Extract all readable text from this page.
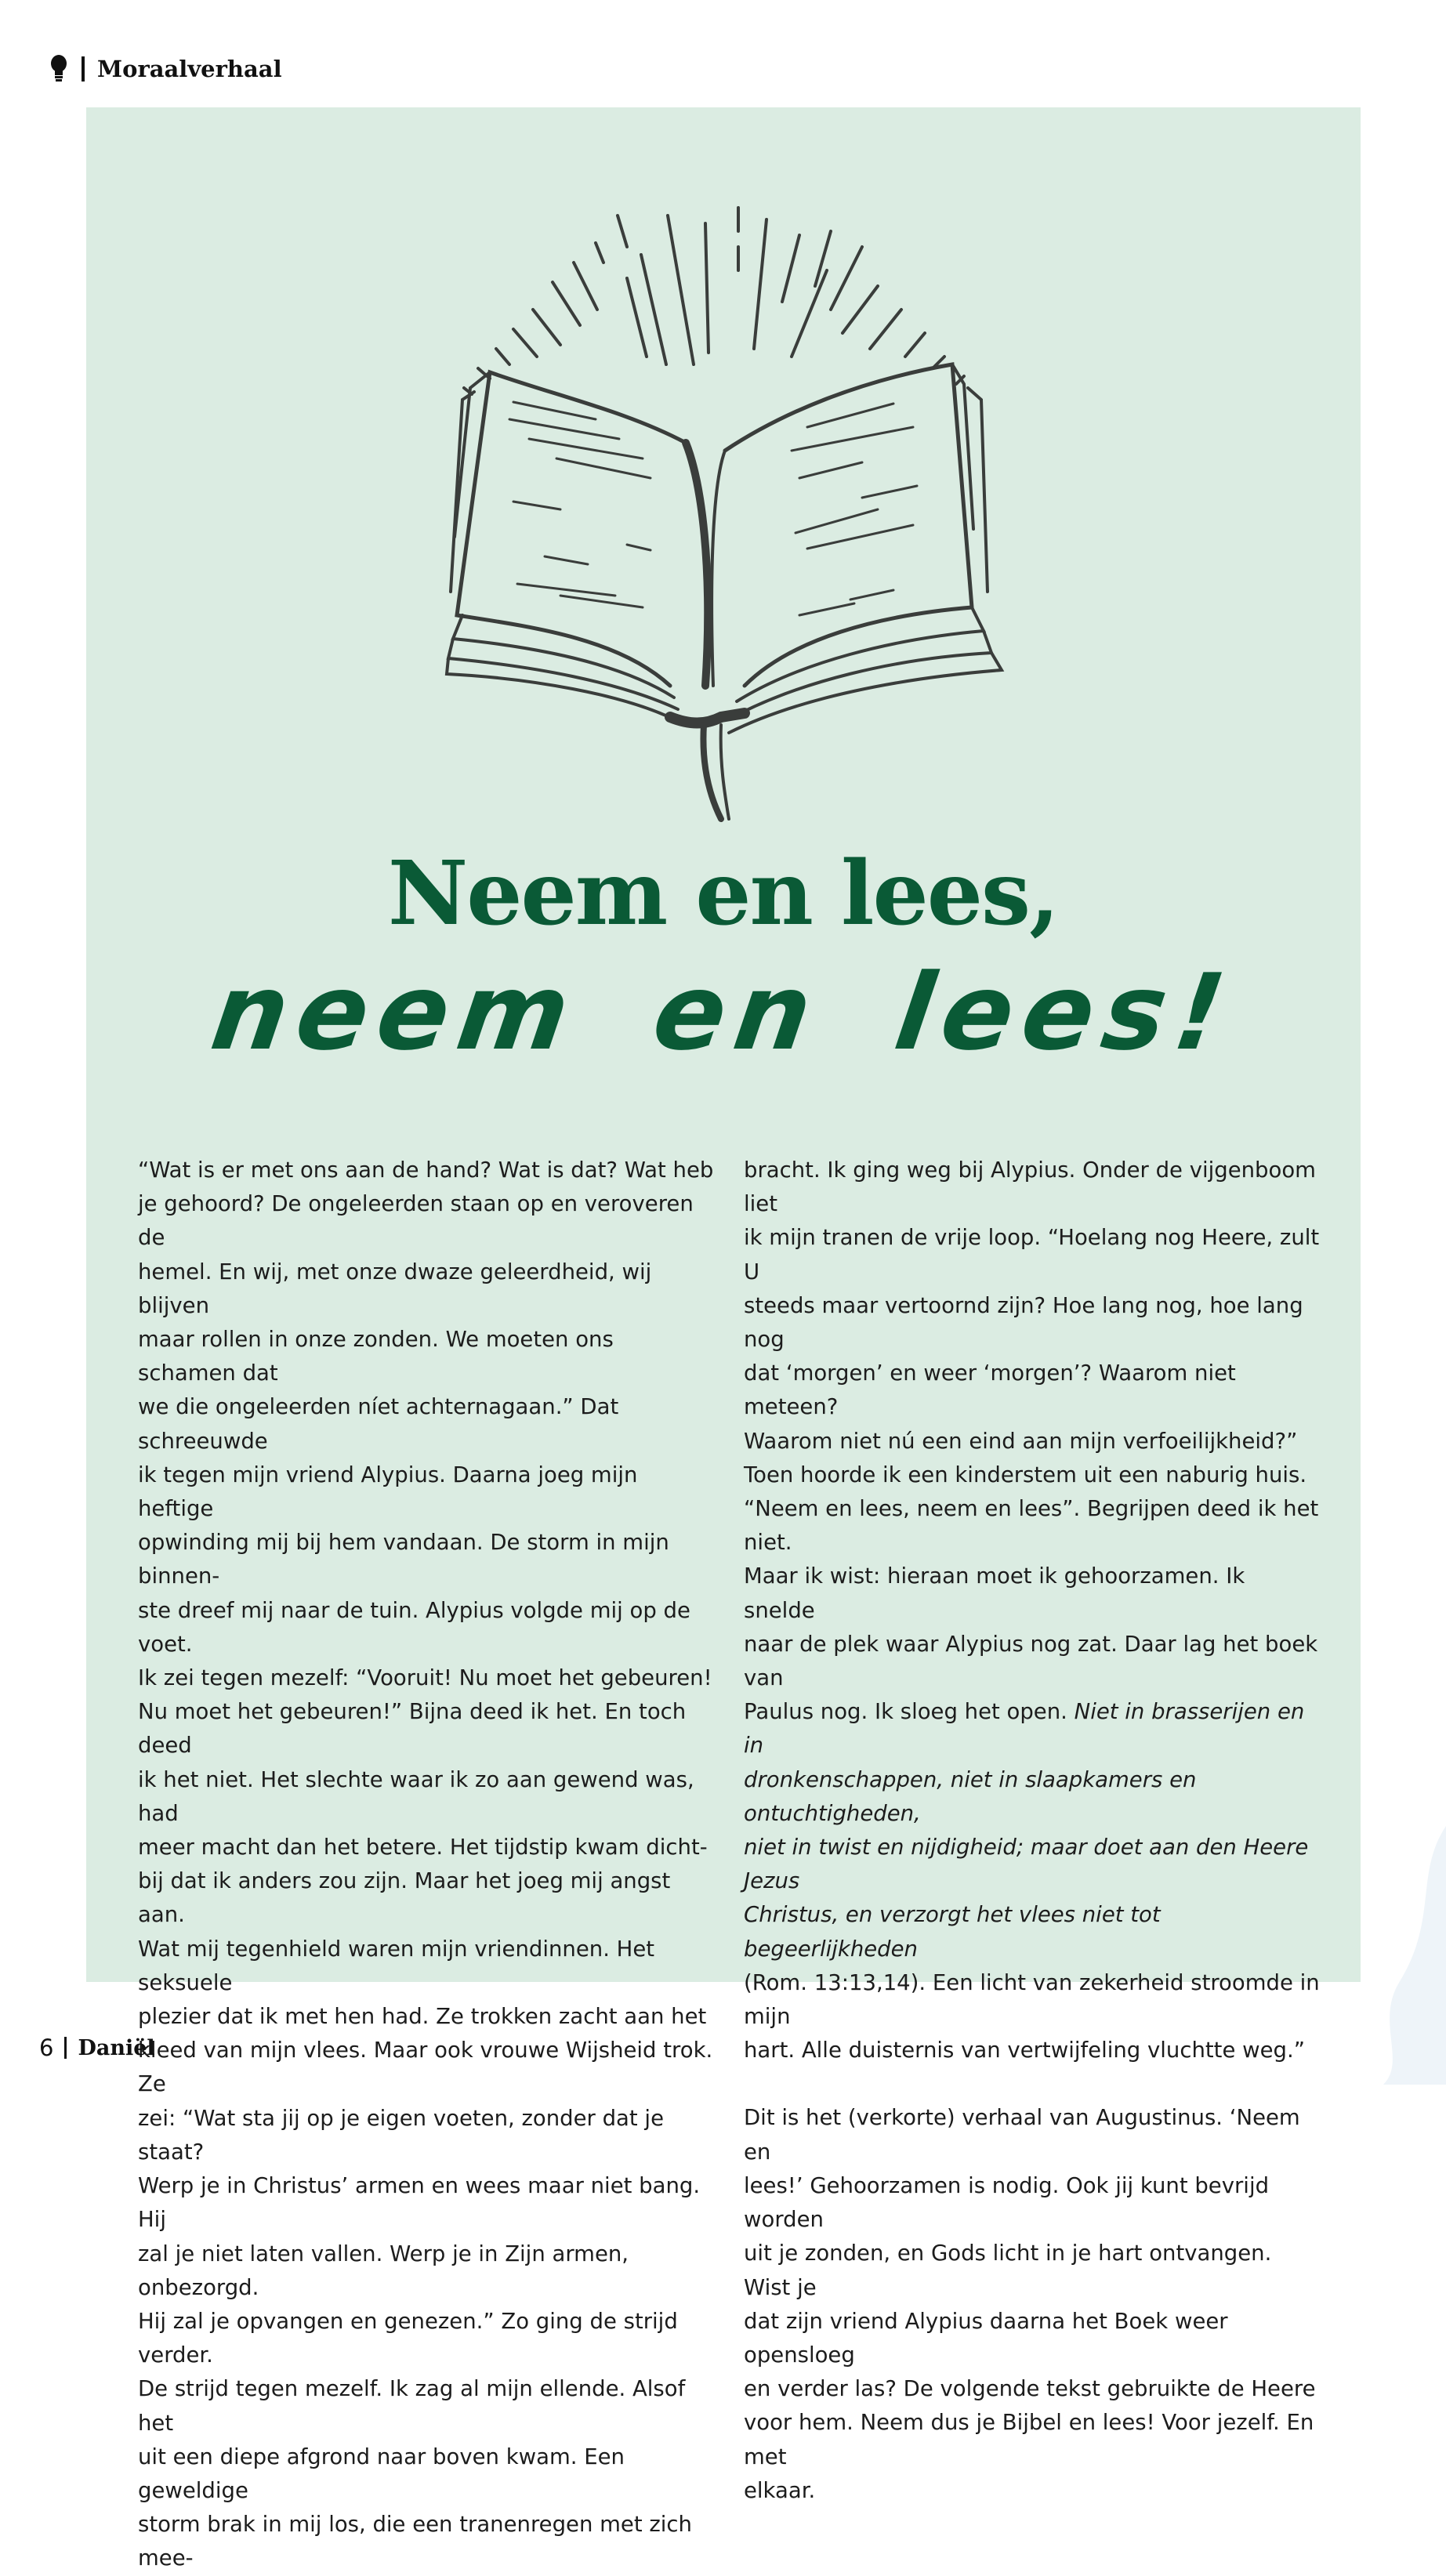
Moraalverhaal
Neem en lees,
neem en lees!

“Wat is er met ons aan de hand? Wat is dat? Wat heb

je gehoord? De ongeleerden staan op en veroveren de

hemel. En wij, met onze dwaze geleerdheid, wij blijven

maar rollen in onze zonden. We moeten ons schamen dat

we die ongeleerden níet achternagaan.” Dat schreeuwde

ik tegen mijn vriend Alypius. Daarna joeg mijn heftige

opwinding mij bij hem vandaan. De storm in mijn binnen-

ste dreef mij naar de tuin. Alypius volgde mij op de voet.

Ik zei tegen mezelf: “Vooruit! Nu moet het gebeuren!

Nu moet het gebeuren!” Bijna deed ik het. En toch deed

ik het niet. Het slechte waar ik zo aan gewend was, had

meer macht dan het betere. Het tijdstip kwam dicht-

bij dat ik anders zou zijn. Maar het joeg mij angst aan.

Wat mij tegenhield waren mijn vriendinnen. Het seksuele

plezier dat ik met hen had. Ze trokken zacht aan het

kleed van mijn vlees. Maar ook vrouwe Wijsheid trok. Ze

zei: “Wat sta jij op je eigen voeten, zonder dat je staat?

Werp je in Christus’ armen en wees maar niet bang. Hij

zal je niet laten vallen. Werp je in Zijn armen, onbezorgd.

Hij zal je opvangen en genezen.” Zo ging de strijd verder.

De strijd tegen mezelf. Ik zag al mijn ellende. Alsof het

uit een diepe afgrond naar boven kwam. Een geweldige

storm brak in mij los, die een tranenregen met zich mee-

bracht. Ik ging weg bij Alypius. Onder de vijgenboom liet

ik mijn tranen de vrije loop. “Hoelang nog Heere, zult U

steeds maar vertoornd zijn? Hoe lang nog, hoe lang nog

dat ‘morgen’ en weer ‘morgen’? Waarom niet meteen?

Waarom niet nú een eind aan mijn verfoeilijkheid?”

Toen hoorde ik een kinderstem uit een naburig huis.

“Neem en lees, neem en lees”. Begrijpen deed ik het niet.

Maar ik wist: hieraan moet ik gehoorzamen. Ik snelde

naar de plek waar Alypius nog zat. Daar lag het boek van

Paulus nog. Ik sloeg het open. Niet in brasserijen en in

dronkenschappen, niet in slaapkamers en ontuchtigheden,

niet in twist en nijdigheid; maar doet aan den Heere Jezus

Christus, en verzorgt het vlees niet tot begeerlijkheden

(Rom. 13:13,14). Een licht van zekerheid stroomde in mijn

hart. Alle duisternis van vertwijfeling vluchtte weg.”

Dit is het (verkorte) verhaal van Augustinus. ‘Neem en

lees!’ Gehoorzamen is nodig. Ook jij kunt bevrijd worden

uit je zonden, en Gods licht in je hart ontvangen. Wist je

dat zijn vriend Alypius daarna het Boek weer opensloeg

en verder las? De volgende tekst gebruikte de Heere

voor hem. Neem dus je Bijbel en lees! Voor jezelf. En met

elkaar.

6 Daniël
